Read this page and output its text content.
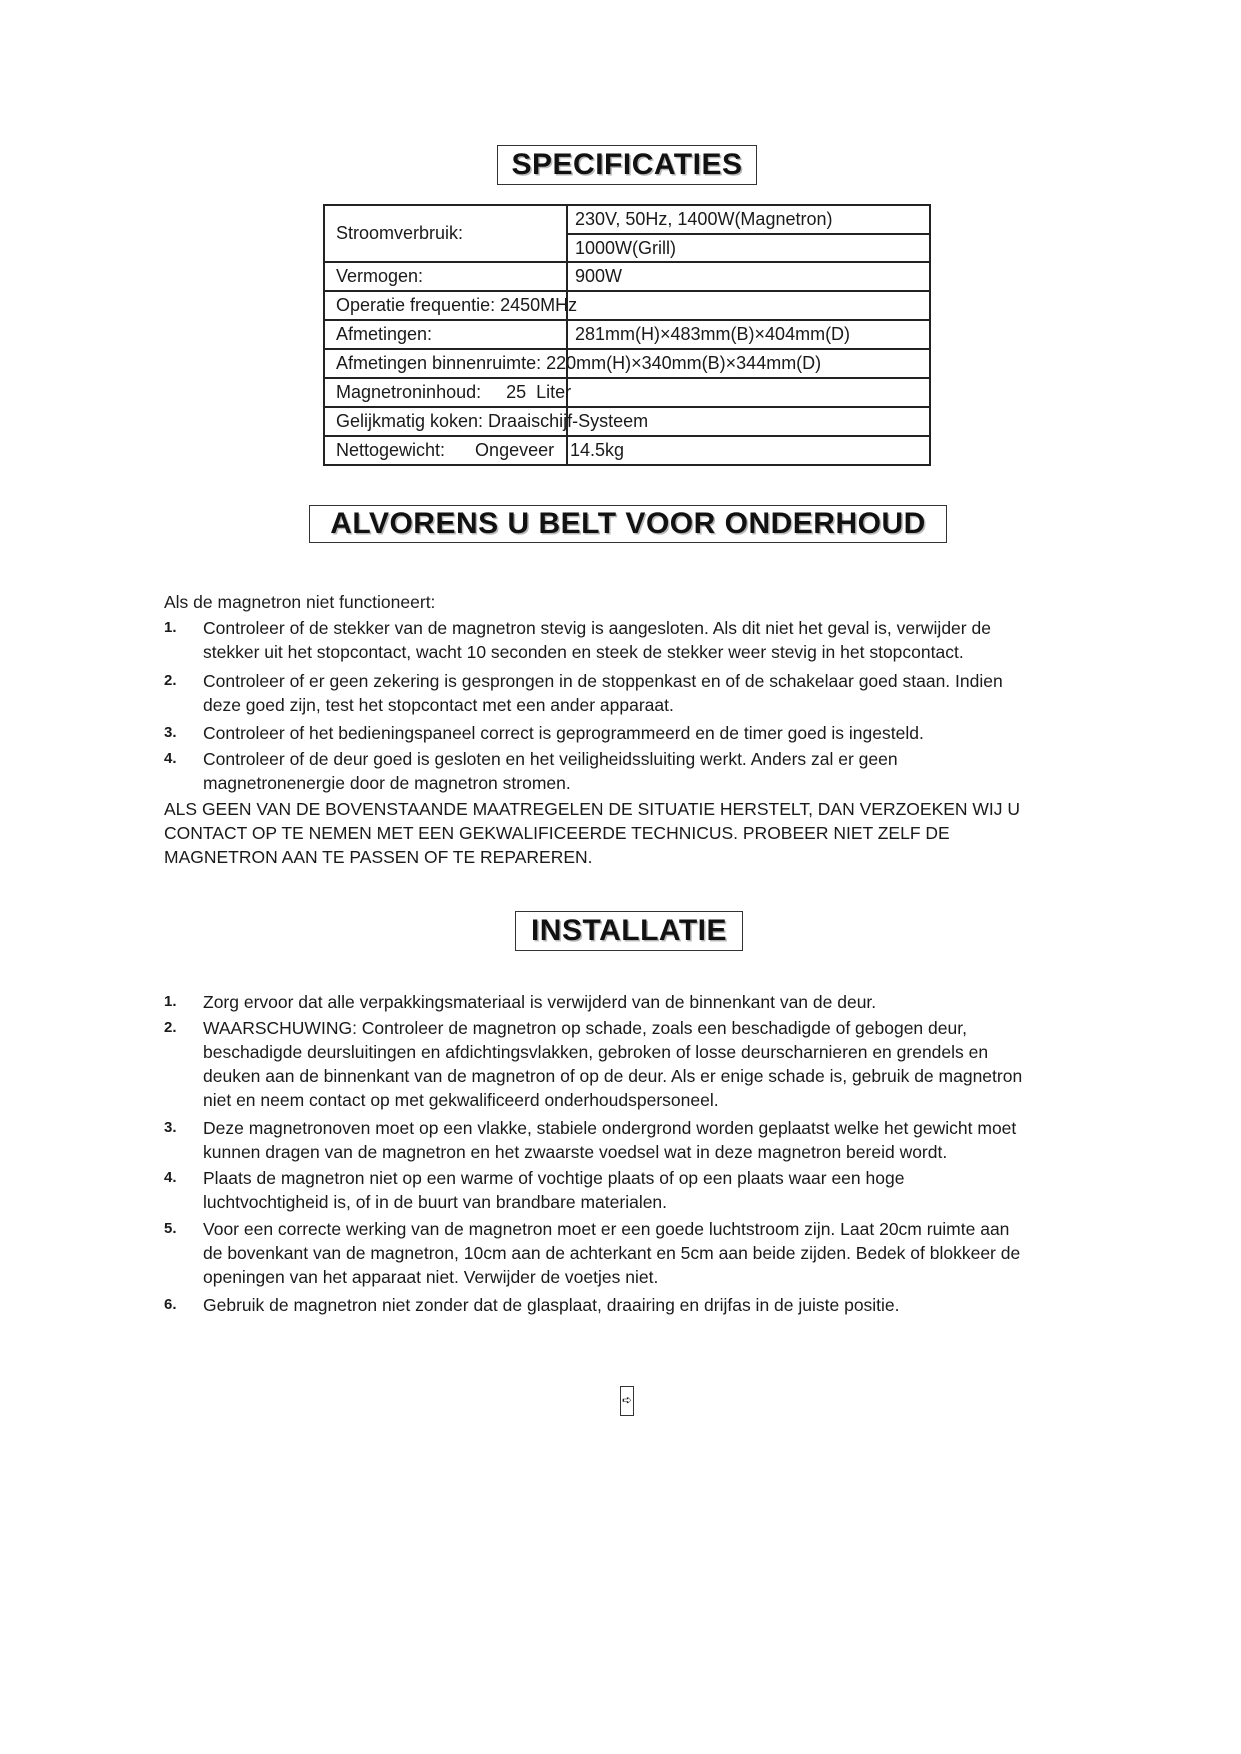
SPECIFICATIES
Stroomverbruik:
230V, 50Hz, 1400W(Magnetron)
1000W(Grill)
Vermogen:	900W
Operatie frequentie: 2450MHz
Afmetingen:	281mm(H)×483mm(B)×404mm(D)
Afmetingen binnenruimte: 220mm(H)×340mm(B)×344mm(D)
Magnetroninhoud:     25  Liter
Gelijkmatig koken: Draaischijf-Systeem
Nettogewicht:      Ongeveer 14.5kg
ALVORENS U BELT VOOR ONDERHOUD
Als de magnetron niet functioneert:
1. Controleer of de stekker van de magnetron stevig is aangesloten. Als dit niet het geval is, verwijder de
stekker uit het stopcontact, wacht 10 seconden en steek de stekker weer stevig in het stopcontact.
2. Controleer of er geen zekering is gesprongen in de stoppenkast en of de schakelaar goed staan. Indien
deze goed zijn, test het stopcontact met een ander apparaat.
3. Controleer of het bedieningspaneel correct is geprogrammeerd en de timer goed is ingesteld.
4. Controleer of de deur goed is gesloten en het veiligheidssluiting werkt. Anders zal er geen
magnetronenergie door de magnetron stromen.
ALS GEEN VAN DE BOVENSTAANDE MAATREGELEN DE SITUATIE HERSTELT, DAN VERZOEKEN WIJ U
CONTACT OP TE NEMEN MET EEN GEKWALIFICEERDE TECHNICUS. PROBEER NIET ZELF DE
MAGNETRON AAN TE PASSEN OF TE REPAREREN.
INSTALLATIE
1. Zorg ervoor dat alle verpakkingsmateriaal is verwijderd van de binnenkant van de deur.
2. WAARSCHUWING: Controleer de magnetron op schade, zoals een beschadigde of gebogen deur,
beschadigde deursluitingen en afdichtingsvlakken, gebroken of losse deurscharnieren en grendels en
deuken aan de binnenkant van de magnetron of op de deur. Als er enige schade is, gebruik de magnetron
niet en neem contact op met gekwalificeerd onderhoudspersoneel.
3. Deze magnetronoven moet op een vlakke, stabiele ondergrond worden geplaatst welke het gewicht moet
kunnen dragen van de magnetron en het zwaarste voedsel wat in deze magnetron bereid wordt.
4. Plaats de magnetron niet op een warme of vochtige plaats of op een plaats waar een hoge
luchtvochtigheid is, of in de buurt van brandbare materialen.
5. Voor een correcte werking van de magnetron moet er een goede luchtstroom zijn. Laat 20cm ruimte aan
de bovenkant van de magnetron, 10cm aan de achterkant en 5cm aan beide zijden. Bedek of blokkeer de
openingen van het apparaat niet. Verwijder de voetjes niet.
6. Gebruik de magnetron niet zonder dat de glasplaat, draairing en drijfas in de juiste positie.
➪
